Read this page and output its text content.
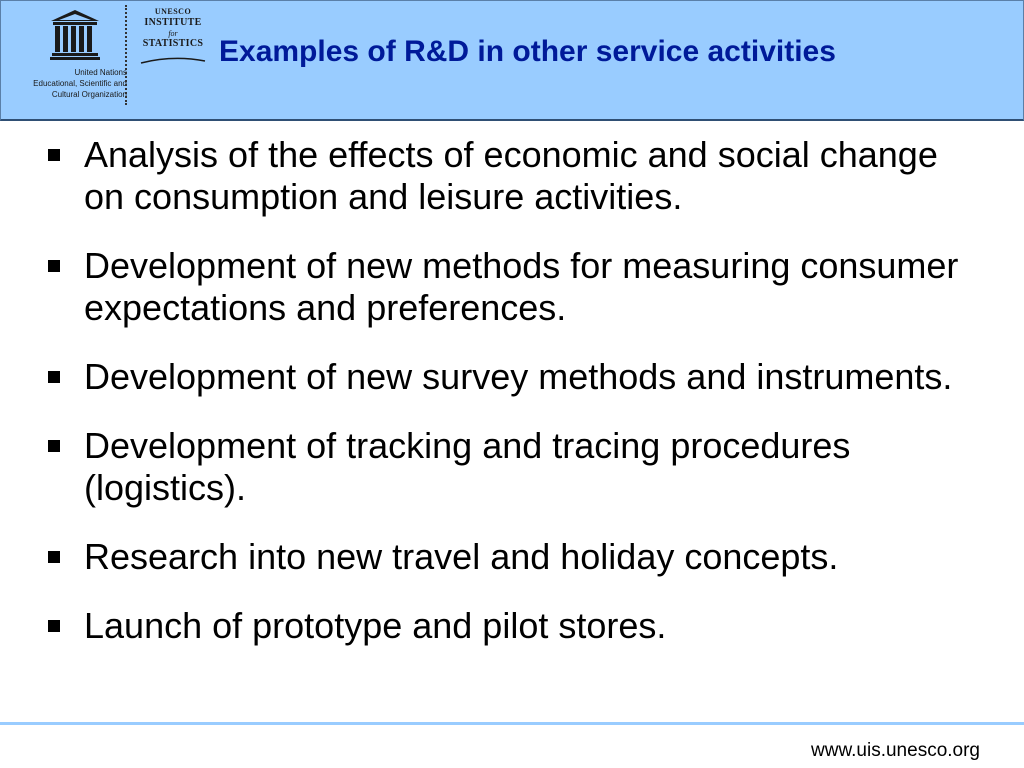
United Nations
Educational, Scientific and
Cultural Organization
UNESCO
INSTITUTE
for
STATISTICS Examples of R&D in other service activities
Analysis of the effects of economic and social change on consumption and leisure activities.
Development of new methods for measuring consumer expectations and preferences.
Development of new survey methods and instruments.
Development of tracking and tracing procedures (logistics).
Research into new travel and holiday concepts.
Launch of prototype and pilot stores.
www.uis.unesco.org
